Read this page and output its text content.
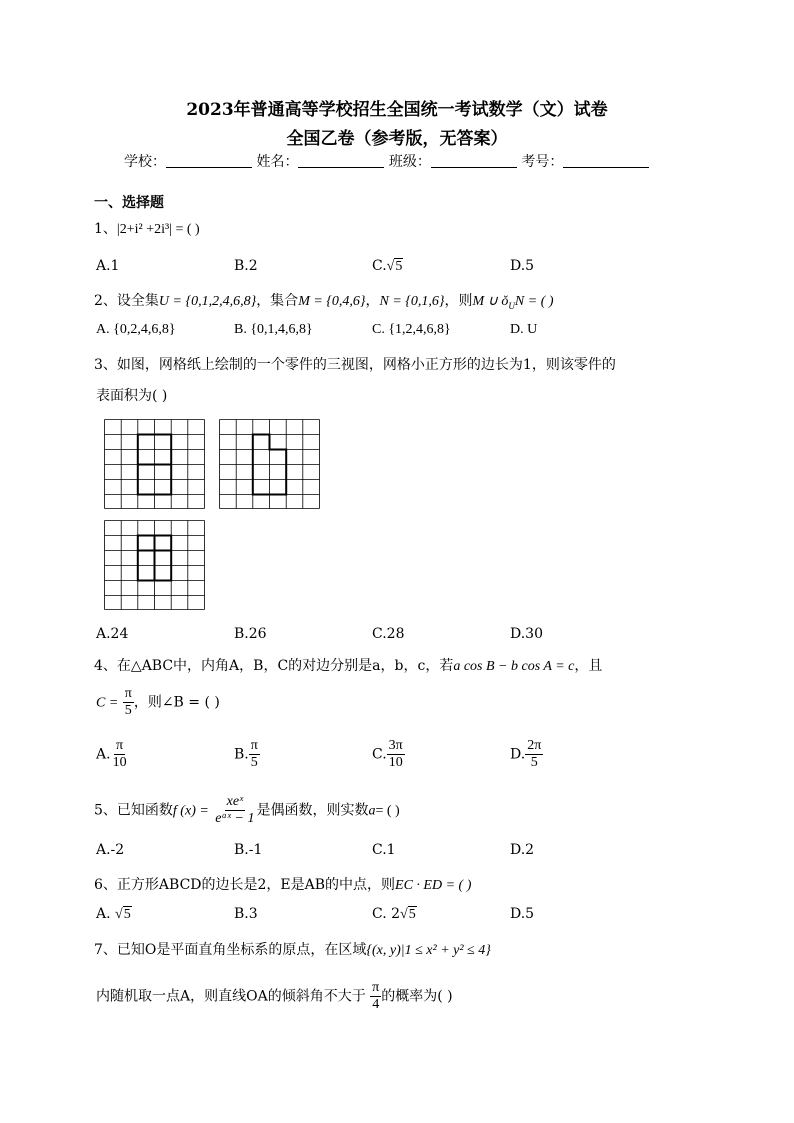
2023年普通高等学校招生全国统一考试数学（文）试卷
全国乙卷（参考版，无答案）
学校：	姓名：	班级：	考号：
一、选择题
1、|2+i² +2i³| = ( )
A.1	B.2	C.√5	D.5
2、设全集U = {0,1,2,4,6,8}，集合M = {0,4,6}，N = {0,1,6}，则M ∪ $ǒ_UN$ = ( )
A. {0,2,4,6,8}	B. {0,1,4,6,8}	C. {1,2,4,6,8}	D. U
3、如图，网格纸上绘制的一个零件的三视图，网格小正方形的边长为1，则该零件的
表面积为( )
A.24	B.26	C.28	D.30
4、在△ABC中，内角A，B，C的对边分别是a，b，c，若a cos B − b cos A = c，且
$C = \frac{\pi}{5}$ ，则∠B = ( )
A. $\frac{\pi}{10}$	B. $\frac{\pi}{5}$	C. $\frac{3\pi}{10}$	D. $\frac{2\pi}{5}$
5、已知函数f $(x) = \frac{\text{xeˣ}}{\text{eᵃˣ − 1}}$ 是偶函数，则实数a= ( )
A.-2	B.-1	C.1	D.2
6、正方形ABCD的边长是2，E是AB的中点，则EC · ED = ( )
A. √5	B.3	C. 2√5	D.5
7、已知O是平面直角坐标系的原点，在区域{(x, y)|1 ≤ x² + y² ≤ 4}
内随机取一点A，则直线OA的倾斜角不大于 $\frac{\pi}{4}$ 的概率为( )
